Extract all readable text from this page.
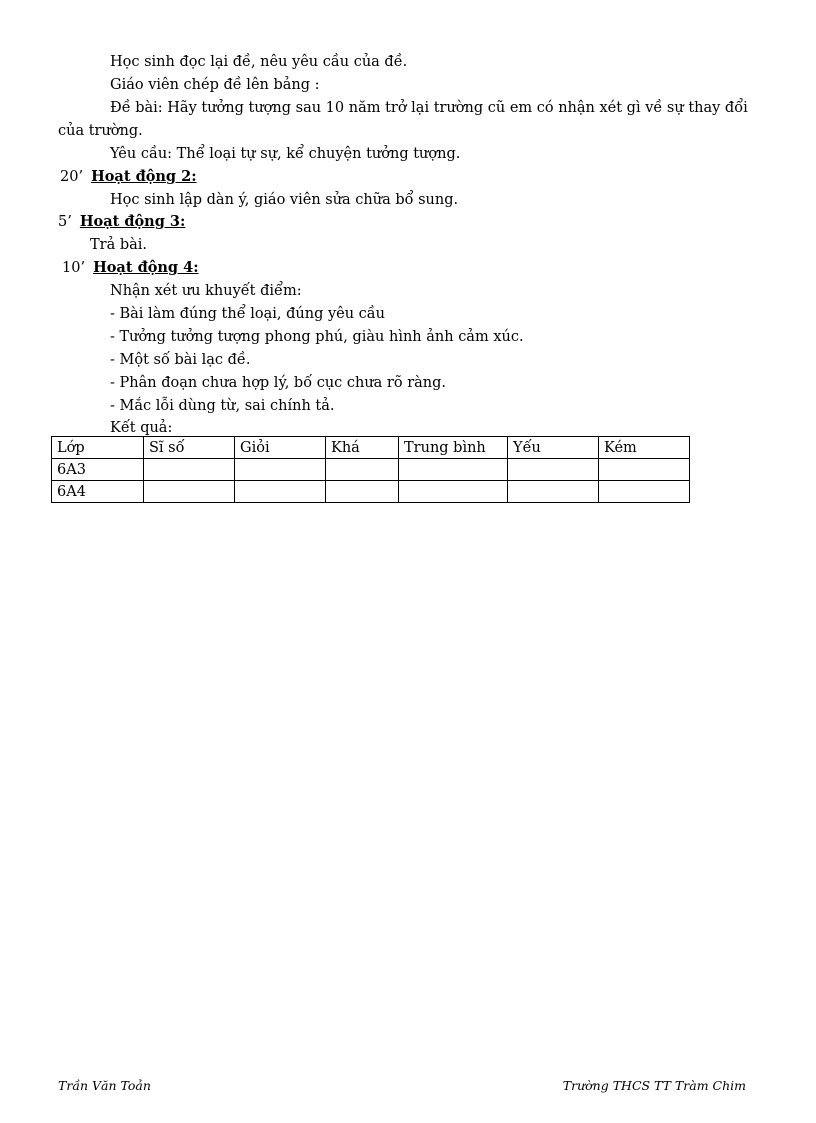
Học sinh đọc lại đề, nêu yêu cầu của đề.
Giáo viên chép đề lên bảng :
Đề bài: Hãy tưởng tượng sau 10 năm trở lại trường cũ em có nhận xét gì về sự thay đổi
của trường.
Yêu cầu: Thể loại tự sự, kể chuyện tưởng tượng.
20’ Hoạt động 2:
Học sinh lập dàn ý, giáo viên sửa chữa bổ sung.
5’ Hoạt động 3:
Trả bài.
10’ Hoạt động 4:
Nhận xét ưu khuyết điểm:
- Bài làm đúng thể loại, đúng yêu cầu
- Tưởng tưởng tượng phong phú, giàu hình ảnh cảm xúc.
- Một số bài lạc đề.
- Phân đoạn chưa hợp lý, bố cục chưa rõ ràng.
- Mắc lỗi dùng từ, sai chính tả.
Kết quả:
Lớp	Sĩ số	Giỏi	Khá	Trung bình	Yếu	Kém
6A3						
6A4						
Trần Văn Toản	Trường THCS TT Tràm Chim
